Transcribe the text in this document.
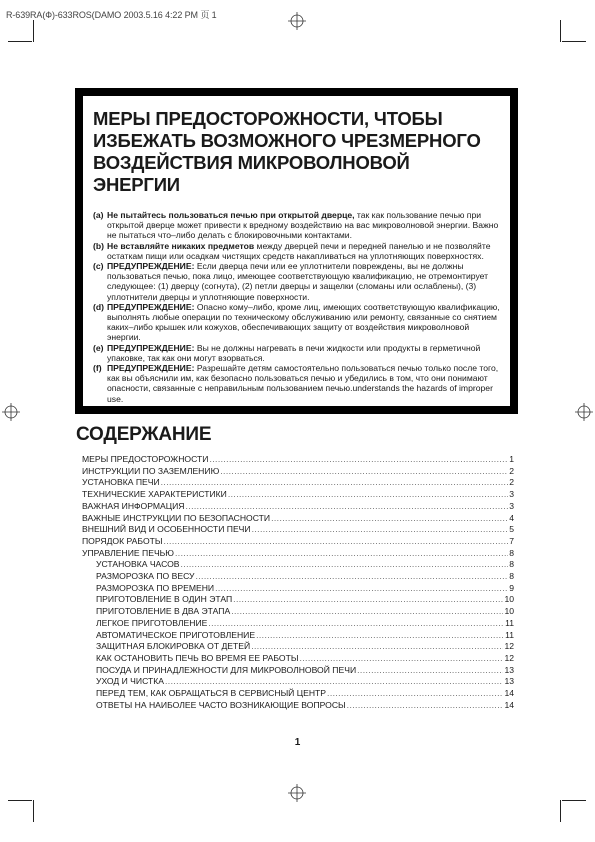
R-639RA(Ф)-633RОS(DAMO 2003.5.16 4:22 PM 页 1
МЕРЫ ПРЕДОСТОРОЖНОСТИ, ЧТОБЫ
ИЗБЕЖАТЬ ВОЗМОЖНОГО ЧРЕЗМЕРНОГО
ВОЗДЕЙСТВИЯ МИКРОВОЛНОВОЙ ЭНЕРГИИ
(a) Не пытайтесь пользоваться печью при открытой дверце, так как пользование печью при открытой дверце может привести к вредному воздействию на вас микроволновой энергии. Важно не пытаться что–либо делать с блокировочными контактами.
(b) Не вставляйте никаких предметов между дверцей печи и передней панелью и не позволяйте остаткам пищи или осадкам чистящих средств накапливаться на уплотняющих поверхностях.
(c) ПРЕДУПРЕЖДЕНИЕ: Если дверца печи или ее уплотнители повреждены, вы не должны пользоваться печью, пока лицо, имеющее соответствующую квалификацию, не отремонтирует следующее: (1) дверцу (согнута), (2) петли дверцы и защелки (сломаны или ослаблены), (3) уплотнители дверцы и уплотняющие поверхности.
(d) ПРЕДУПРЕЖДЕНИЕ: Опасно кому–либо, кроме лиц, имеющих соответствующую квалификацию, выполнять любые операции по техническому обслуживанию или ремонту, связанные со снятием каких–либо крышек или кожухов, обеспечивающих защиту от воздействия микроволновой энергии.
(e) ПРЕДУПРЕЖДЕНИЕ: Вы не должны нагревать в печи жидкости или продукты в герметичной упаковке, так как они могут взорваться.
(f) ПРЕДУПРЕЖДЕНИЕ: Разрешайте детям самостоятельно пользоваться печью только после того, как вы объяснили им, как безопасно пользоваться печью и убедились в том, что они понимают опасности, связанные с неправильным пользованием печью.understands the hazards of improper use.
СОДЕРЖАНИЕ
МЕРЫ ПРЕДОСТОРОЖНОСТИ .....	1
ИНСТРУКЦИИ ПО ЗАЗЕМЛЕНИЮ .....	2
УСТАНОВКА ПЕЧИ .....	2
ТЕХНИЧЕСКИЕ ХАРАКТЕРИСТИКИ .....	3
ВАЖНАЯ ИНФОРМАЦИЯ .....	3
ВАЖНЫЕ ИНСТРУКЦИИ ПО БЕЗОПАСНОСТИ .....	4
ВНЕШНИЙ ВИД И ОСОБЕННОСТИ ПЕЧИ .....	5
ПОРЯДОК РАБОТЫ .....	7
УПРАВЛЕНИЕ ПЕЧЬЮ .....	8
УСТАНОВКА ЧАСОВ .....	8
РАЗМОРОЗКА ПО ВЕСУ .....	8
РАЗМОРОЗКА ПО ВРЕМЕНИ .....	9
ПРИГОТОВЛЕНИЕ В ОДИН ЭТАП .....	10
ПРИГОТОВЛЕНИЕ В ДВА ЭТАПА .....	10
ЛЕГКОЕ ПРИГОТОВЛЕНИЕ .....	11
АВТОМАТИЧЕСКОЕ ПРИГОТОВЛЕНИЕ .....	11
ЗАЩИТНАЯ БЛОКИРОВКА ОТ ДЕТЕЙ .....	12
КАК ОСТАНОВИТЬ ПЕЧЬ ВО ВРЕМЯ ЕЕ РАБОТЫ .....	12
ПОСУДА И ПРИНАДЛЕЖНОСТИ ДЛЯ МИКРОВОЛНОВОЙ ПЕЧИ .....	13
УХОД И ЧИСТКА .....	13
ПЕРЕД ТЕМ, КАК ОБРАЩАТЬСЯ В СЕРВИСНЫЙ ЦЕНТР .....	14
ОТВЕТЫ НА НАИБОЛЕЕ ЧАСТО ВОЗНИКАЮЩИЕ ВОПРОСЫ .....	14
1
